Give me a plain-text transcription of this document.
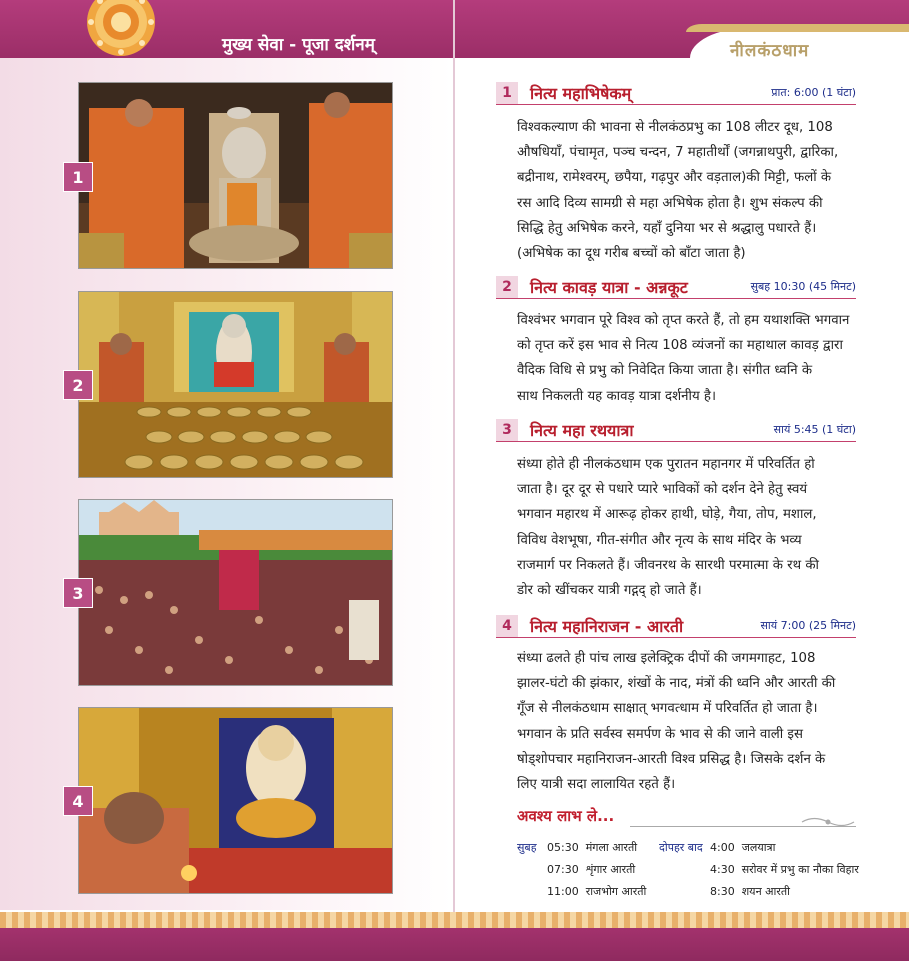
मुख्य सेवा - पूजा दर्शनम्	नीलकंठधाम
1
2
3
4
1	नित्य महाभिषेकम्	प्रात: 6:00 (1 घंटा)
विश्वकल्याण की भावना से नीलकंठप्रभु का 108 लीटर दूध, 108
औषधियाँ, पंचामृत, पञ्च चन्दन, 7 महातीर्थों (जगन्नाथपुरी, द्वारिका,
बद्रीनाथ, रामेश्वरम्, छपैया, गढ़पुर और वड़ताल)की मिट्टी, फलों के
रस आदि दिव्य सामग्री से महा अभिषेक होता है। शुभ संकल्प की
सिद्धि हेतु अभिषेक करने, यहाँ दुनिया भर से श्रद्धालु पधारते हैं।
(अभिषेक का दूध गरीब बच्चों को बाँटा जाता है)
2	नित्य कावड़ यात्रा - अन्नकूट	सुबह 10:30 (45 मिनट)
विश्वंभर भगवान पूरे विश्व को तृप्त करते हैं, तो हम यथाशक्ति भगवान
को तृप्त करें इस भाव से नित्य 108 व्यंजनों का महाथाल कावड़ द्वारा
वैदिक विधि से प्रभु को निवेदित किया जाता है। संगीत ध्वनि के
साथ निकलती यह कावड़ यात्रा दर्शनीय है।
3	नित्य महा रथयात्रा	सायं 5:45 (1 घंटा)
संध्या होते ही नीलकंठधाम एक पुरातन महानगर में परिवर्तित हो
जाता है। दूर दूर से पधारे प्यारे भाविकों को दर्शन देने हेतु स्वयं
भगवान महारथ में आरूढ़ होकर हाथी, घोड़े, गैया, तोप, मशाल,
विविध वेशभूषा, गीत-संगीत और नृत्य के साथ मंदिर के भव्य
राजमार्ग पर निकलते हैं। जीवनरथ के सारथी परमात्मा के रथ की
डोर को खींचकर यात्री गद्गद् हो जाते हैं।
4	नित्य महानिराजन - आरती	सायं 7:00 (25 मिनट)
संध्या ढलते ही पांच लाख इलेक्ट्रिक दीपों की जगमगाहट, 108
झालर-घंटो की झंकार, शंखों के नाद, मंत्रों की ध्वनि और आरती की
गूँज से नीलकंठधाम साक्षात् भगवत्धाम में परिवर्तित हो जाता है।
भगवान के प्रति सर्वस्व समर्पण के भाव से की जाने वाली इस
षोड्शोपचार महानिराजन-आरती विश्व प्रसिद्ध है। जिसके दर्शन के
लिए यात्री सदा लालायित रहते हैं।
अवश्य लाभ ले...
सुबह 05:30 मंगला आरती
07:30 शृंगार आरती
11:00 राजभोग आरती
दोपहर बाद 4:00 जलयात्रा
4:30 सरोवर में प्रभु का नौका विहार
8:30 शयन आरती
